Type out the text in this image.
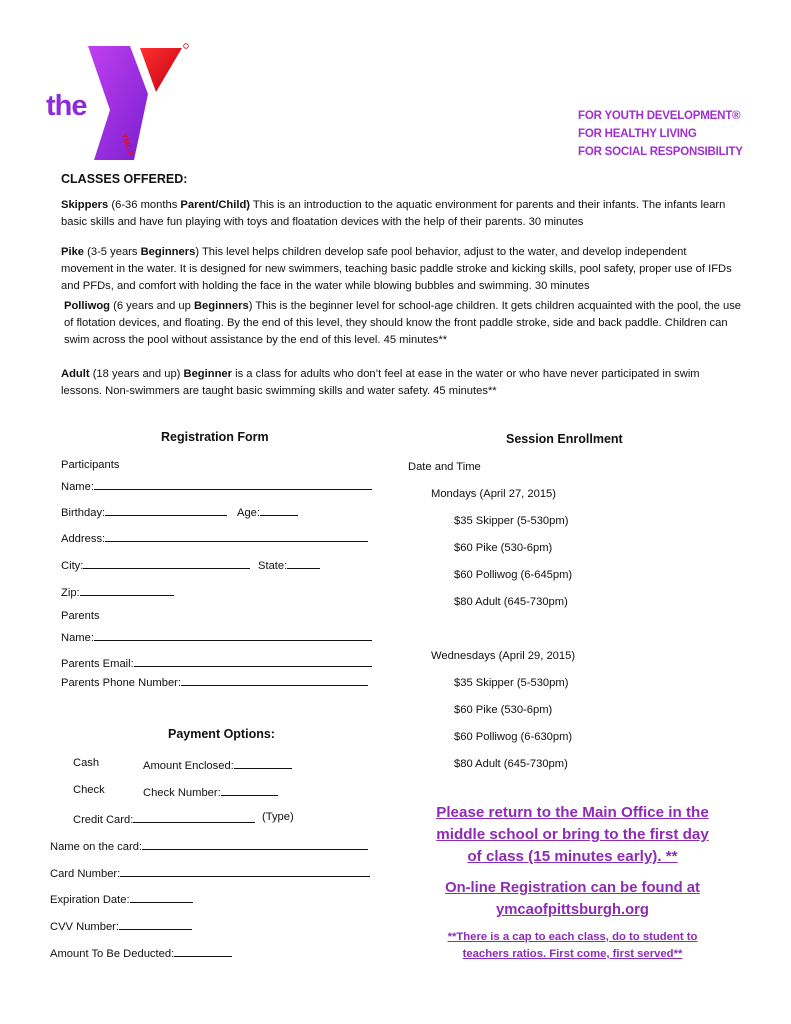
the
YMCA
FOR YOUTH DEVELOPMENT®
FOR HEALTHY LIVING
FOR SOCIAL RESPONSIBILITY
CLASSES OFFERED:

Skippers (6-36 months Parent/Child) This is an introduction to the aquatic environment for parents and their infants. The infants learn basic skills and have fun playing with toys and floatation devices with the help of their parents. 30 minutes

Pike (3-5 years Beginners) This level helps children develop safe pool behavior, adjust to the water, and develop independent movement in the water. It is designed for new swimmers, teaching basic paddle stroke and kicking skills, pool safety, proper use of IFDs and PFDs, and comfort with holding the face in the water while blowing bubbles and swimming. 30 minutes

Polliwog (6 years and up Beginners) This is the beginner level for school-age children. It gets children acquainted with the pool, the use of flotation devices, and floating. By the end of this level, they should know the front paddle stroke, side and back paddle. Children can swim across the pool without assistance by the end of this level. 45 minutes**

Adult (18 years and up) Beginner is a class for adults who don’t feel at ease in the water or who have never participated in swim lessons. Non-swimmers are taught basic swimming skills and water safety. 45 minutes**

Registration Form
Participants
Name:
Birthday:	Age:
Address:
City:	State:
Zip:
Parents
Name:
Parents Email:
Parents Phone Number:
Payment Options:
Cash	Amount Enclosed:
Check	Check Number:
Credit Card:	(Type)
Name on the card:
Card Number:
Expiration Date:
CVV Number:
Amount To Be Deducted:
Session Enrollment
Date and Time
Mondays (April 27, 2015)
$35 Skipper (5-530pm)
$60 Pike (530-6pm)
$60 Polliwog (6-645pm)
$80 Adult (645-730pm)
Wednesdays (April 29, 2015)
$35 Skipper (5-530pm)
$60 Pike (530-6pm)
$60 Polliwog (6-630pm)
$80 Adult (645-730pm)
Please return to the Main Office in the
middle school or bring to the first day
of class (15 minutes early). **
On-line Registration can be found at
ymcaofpittsburgh.org
**There is a cap to each class, do to student to
teachers ratios. First come, first served**
